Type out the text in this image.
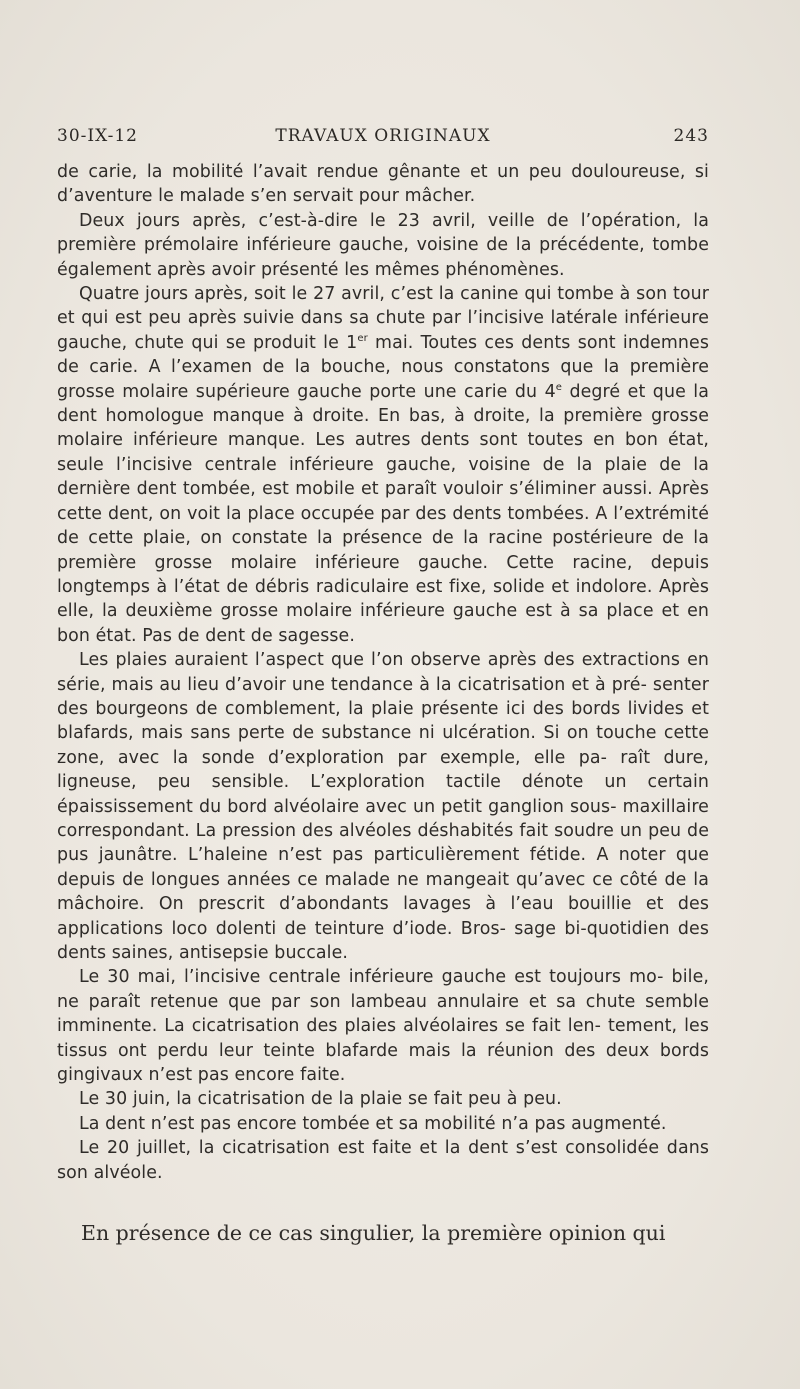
30-IX-12	TRAVAUX ORIGINAUX	243

de carie, la mobilité l’avait rendue gênante et un peu douloureuse, si d’aventure le malade s’en servait pour mâcher.

Deux jours après, c’est-à-dire le 23 avril, veille de l’opération, la première prémolaire inférieure gauche, voisine de la précédente, tombe également après avoir présenté les mêmes phénomènes.

Quatre jours après, soit le 27 avril, c’est la canine qui tombe à son tour et qui est peu après suivie dans sa chute par l’incisive latérale inférieure gauche, chute qui se produit le 1er mai. Toutes ces dents sont indemnes de carie. A l’examen de la bouche, nous constatons que la première grosse molaire supérieure gauche porte une carie du 4e degré et que la dent homologue manque à droite. En bas, à droite, la première grosse molaire inférieure manque. Les autres dents sont toutes en bon état, seule l’incisive centrale inférieure gauche, voisine de la plaie de la dernière dent tombée, est mobile et paraît vouloir s’éliminer aussi. Après cette dent, on voit la place occupée par des dents tombées. A l’extrémité de cette plaie, on constate la présence de la racine postérieure de la première grosse molaire inférieure gauche. Cette racine, depuis longtemps à l’état de débris radiculaire est fixe, solide et indolore. Après elle, la deuxième grosse molaire inférieure gauche est à sa place et en bon état. Pas de dent de sagesse.

Les plaies auraient l’aspect que l’on observe après des extractions en série, mais au lieu d’avoir une tendance à la cicatrisation et à pré- senter des bourgeons de comblement, la plaie présente ici des bords livides et blafards, mais sans perte de substance ni ulcération. Si on touche cette zone, avec la sonde d’exploration par exemple, elle pa- raît dure, ligneuse, peu sensible. L’exploration tactile dénote un certain épaississement du bord alvéolaire avec un petit ganglion sous- maxillaire correspondant. La pression des alvéoles déshabités fait soudre un peu de pus jaunâtre. L’haleine n’est pas particulièrement fétide. A noter que depuis de longues années ce malade ne mangeait qu’avec ce côté de la mâchoire. On prescrit d’abondants lavages à l’eau bouillie et des applications loco dolenti de teinture d’iode. Bros- sage bi-quotidien des dents saines, antisepsie buccale.

Le 30 mai, l’incisive centrale inférieure gauche est toujours mo- bile, ne paraît retenue que par son lambeau annulaire et sa chute semble imminente. La cicatrisation des plaies alvéolaires se fait len- tement, les tissus ont perdu leur teinte blafarde mais la réunion des deux bords gingivaux n’est pas encore faite.

Le 30 juin, la cicatrisation de la plaie se fait peu à peu.

La dent n’est pas encore tombée et sa mobilité n’a pas augmenté.

Le 20 juillet, la cicatrisation est faite et la dent s’est consolidée dans son alvéole.

En présence de ce cas singulier, la première opinion qui
